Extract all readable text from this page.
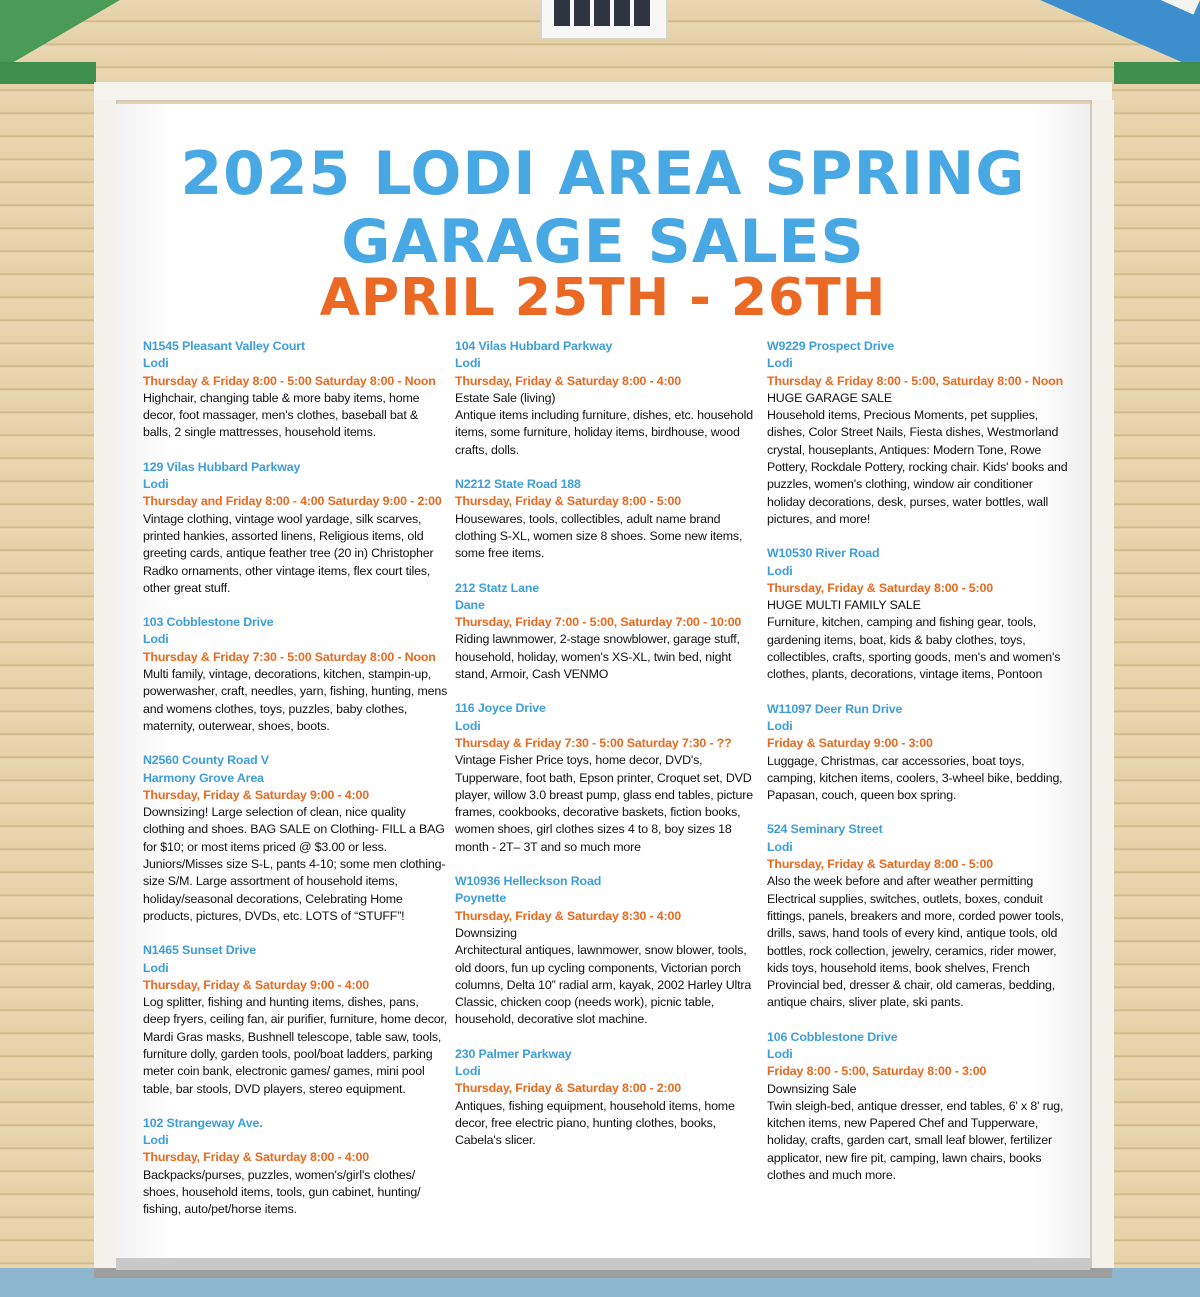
2025 LODI AREA SPRING
GARAGE SALES
APRIL 25TH - 26TH
N1545 Pleasant Valley Court
Lodi
Thursday & Friday 8:00 - 5:00 Saturday 8:00 - Noon
Highchair, changing table & more baby items, home decor, foot massager, men's clothes, baseball bat & balls, 2 single mattresses, household items.
129 Vilas Hubbard Parkway
Lodi
Thursday and Friday 8:00 - 4:00 Saturday 9:00 - 2:00
Vintage clothing, vintage wool yardage, silk scarves, printed hankies, assorted linens, Religious items, old greeting cards, antique feather tree (20 in) Christopher Radko ornaments, other vintage items, flex court tiles, other great stuff.
103 Cobblestone Drive
Lodi
Thursday & Friday 7:30 - 5:00 Saturday 8:00 - Noon
Multi family, vintage, decorations, kitchen, stampin-up, powerwasher, craft, needles, yarn, fishing, hunting, mens and womens clothes, toys, puzzles, baby clothes, maternity, outerwear, shoes, boots.
N2560 County Road V
Harmony Grove Area
Thursday, Friday & Saturday 9:00 - 4:00
Downsizing! Large selection of clean, nice quality clothing and shoes. BAG SALE on Clothing- FILL a BAG for $10; or most items priced @ $3.00 or less. Juniors/Misses size S-L, pants 4-10; some men clothing- size S/M. Large assortment of household items, holiday/seasonal decorations, Celebrating Home products, pictures, DVDs, etc. LOTS of “STUFF”!
N1465 Sunset Drive
Lodi
Thursday, Friday & Saturday 9:00 - 4:00
Log splitter, fishing and hunting items, dishes, pans, deep fryers, ceiling fan, air purifier, furniture, home decor, Mardi Gras masks, Bushnell telescope, table saw, tools, furniture dolly, garden tools, pool/boat ladders, parking meter coin bank, electronic games/ games, mini pool table, bar stools, DVD players, stereo equipment.
102 Strangeway Ave.
Lodi
Thursday, Friday & Saturday 8:00 - 4:00
Backpacks/purses, puzzles, women's/girl's clothes/ shoes, household items, tools, gun cabinet, hunting/ fishing, auto/pet/horse items.
104 Vilas Hubbard Parkway
Lodi
Thursday, Friday & Saturday 8:00 - 4:00
Estate Sale (living)
Antique items including furniture, dishes, etc. household items, some furniture, holiday items, birdhouse, wood crafts, dolls.
N2212 State Road 188
Thursday, Friday & Saturday 8:00 - 5:00
Housewares, tools, collectibles, adult name brand clothing S-XL, women size 8 shoes. Some new items, some free items.
212 Statz Lane
Dane
Thursday, Friday 7:00 - 5:00, Saturday 7:00 - 10:00
Riding lawnmower, 2-stage snowblower, garage stuff, household, holiday, women's XS-XL, twin bed, night stand, Armoir, Cash VENMO
116 Joyce Drive
Lodi
Thursday & Friday 7:30 - 5:00 Saturday 7:30 - ??
Vintage Fisher Price toys, home decor, DVD's, Tupperware, foot bath, Epson printer, Croquet set, DVD player, willow 3.0 breast pump, glass end tables, picture frames, cookbooks, decorative baskets, fiction books, women shoes, girl clothes sizes 4 to 8, boy sizes 18 month - 2T– 3T and so much more
W10936 Helleckson Road
Poynette
Thursday, Friday & Saturday 8:30 - 4:00
Downsizing
Architectural antiques, lawnmower, snow blower, tools, old doors, fun up cycling components, Victorian porch columns, Delta 10” radial arm, kayak, 2002 Harley Ultra Classic, chicken coop (needs work), picnic table, household, decorative slot machine.
230 Palmer Parkway
Lodi
Thursday, Friday & Saturday 8:00 - 2:00
Antiques, fishing equipment, household items, home decor, free electric piano, hunting clothes, books, Cabela's slicer.
W9229 Prospect Drive
Lodi
Thursday & Friday 8:00 - 5:00, Saturday 8:00 - Noon
HUGE GARAGE SALE
Household items, Precious Moments, pet supplies, dishes, Color Street Nails, Fiesta dishes, Westmorland crystal, houseplants, Antiques: Modern Tone, Rowe Pottery, Rockdale Pottery, rocking chair. Kids' books and puzzles, women's clothing, window air conditioner holiday decorations, desk, purses, water bottles, wall pictures, and more!
W10530 River Road
Lodi
Thursday, Friday & Saturday 8:00 - 5:00
HUGE MULTI FAMILY SALE
Furniture, kitchen, camping and fishing gear, tools, gardening items, boat, kids & baby clothes, toys, collectibles, crafts, sporting goods, men's and women's clothes, plants, decorations, vintage items, Pontoon
W11097 Deer Run Drive
Lodi
Friday & Saturday 9:00 - 3:00
Luggage, Christmas, car accessories, boat toys, camping, kitchen items, coolers, 3-wheel bike, bedding, Papasan, couch, queen box spring.
524 Seminary Street
Lodi
Thursday, Friday & Saturday 8:00 - 5:00
Also the week before and after weather permitting
Electrical supplies, switches, outlets, boxes, conduit fittings, panels, breakers and more, corded power tools, drills, saws, hand tools of every kind, antique tools, old bottles, rock collection, jewelry, ceramics, rider mower, kids toys, household items, book shelves, French Provincial bed, dresser & chair, old cameras, bedding, antique chairs, sliver plate, ski pants.
106 Cobblestone Drive
Lodi
Friday 8:00 - 5:00, Saturday 8:00 - 3:00
Downsizing Sale
Twin sleigh-bed, antique dresser, end tables, 6' x 8' rug, kitchen items, new Papered Chef and Tupperware, holiday, crafts, garden cart, small leaf blower, fertilizer applicator, new fire pit, camping, lawn chairs, books clothes and much more.
